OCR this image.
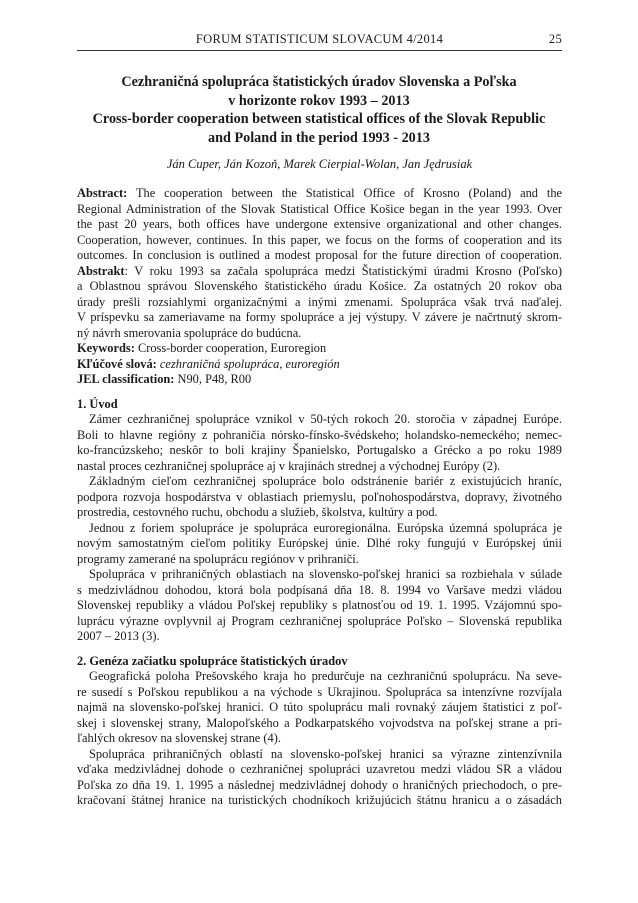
FORUM STATISTICUM SLOVACUM 4/2014	25
Cezhraničná spolupráca štatistických úradov Slovenska a Poľska
v horizonte rokov 1993 – 2013
Cross-border cooperation between statistical offices of the Slovak Republic
and Poland in the period 1993 - 2013
Ján Cuper, Ján Kozoň, Marek Cierpial-Wolan, Jan Jędrusiak
Abstract: The cooperation between the Statistical Office of Krosno (Poland) and the
Regional Administration of the Slovak Statistical Office Košice began in the year 1993. Over
the past 20 years, both offices have undergone extensive organizational and other changes.
Cooperation, however, continues. In this paper, we focus on the forms of cooperation and its
outcomes. In conclusion is outlined a modest proposal for the future direction of cooperation.
Abstrakt: V roku 1993 sa začala spolupráca medzi Štatistickými úradmi Krosno (Poľsko)
a Oblastnou správou Slovenského štatistického úradu Košice. Za ostatných 20 rokov oba
úrady prešli rozsiahlymi organizačnými a inými zmenami. Spolupráca však trvá naďalej.
V príspevku sa zameriavame na formy spolupráce a jej výstupy. V závere je načrtnutý skrom-
ný návrh smerovania spolupráce do budúcna.
Keywords: Cross-border cooperation, Euroregion
Kľúčové slová: cezhraničná spolupráca, euroregión
JEL classification: N90, P48, R00
1. Úvod
Zámer cezhraničnej spolupráce vznikol v 50-tých rokoch 20. storočia v západnej Európe.
Boli to hlavne regióny z pohraničia nórsko-fínsko-švédskeho; holandsko-nemeckého; nemec-
ko-francúzskeho; neskôr to boli krajiny Španielsko, Portugalsko a Grécko a po roku 1989
nastal proces cezhraničnej spolupráce aj v krajinách strednej a východnej Európy (2).
Základným cieľom cezhraničnej spolupráce bolo odstránenie bariér z existujúcich hraníc,
podpora rozvoja hospodárstva v oblastiach priemyslu, poľnohospodárstva, dopravy, životného
prostredia, cestovného ruchu, obchodu a služieb, školstva, kultúry a pod.
Jednou z foriem spolupráce je spolupráca euroregionálna. Európska územná spolupráca je
novým samostatným cieľom politiky Európskej únie. Dlhé roky fungujú v Európskej únii
programy zamerané na spoluprácu regiónov v prihraničí.
Spolupráca v prihraničných oblastiach na slovensko-poľskej hranici sa rozbiehala v súlade
s medzivládnou dohodou, ktorá bola podpísaná dňa 18. 8. 1994 vo Varšave medzi vládou
Slovenskej republiky a vládou Poľskej republiky s platnosťou od 19. 1. 1995. Vzájomnú spo-
luprácu výrazne ovplyvnil aj Program cezhraničnej spolupráce Poľsko – Slovenská republika
2007 – 2013 (3).
2. Genéza začiatku spolupráce štatistických úradov
Geografická poloha Prešovského kraja ho predurčuje na cezhraničnú spoluprácu. Na seve-
re susedí s Poľskou republikou a na východe s Ukrajinou. Spolupráca sa intenzívne rozvíjala
najmä na slovensko-poľskej hranici. O túto spoluprácu mali rovnaký záujem štatistici z poľ-
skej i slovenskej strany, Malopoľského a Podkarpatského vojvodstva na poľskej strane a pri-
ľahlých okresov na slovenskej strane (4).
Spolupráca prihraničných oblastí na slovensko-poľskej hranici sa výrazne zintenzívnila
vďaka medzivládnej dohode o cezhraničnej spolupráci uzavretou medzi vládou SR a vládou
Poľska zo dňa 19. 1. 1995 a následnej medzivládnej dohody o hraničných priechodoch, o pre-
kračovaní štátnej hranice na turistických chodníkoch križujúcich štátnu hranicu a o zásadách
